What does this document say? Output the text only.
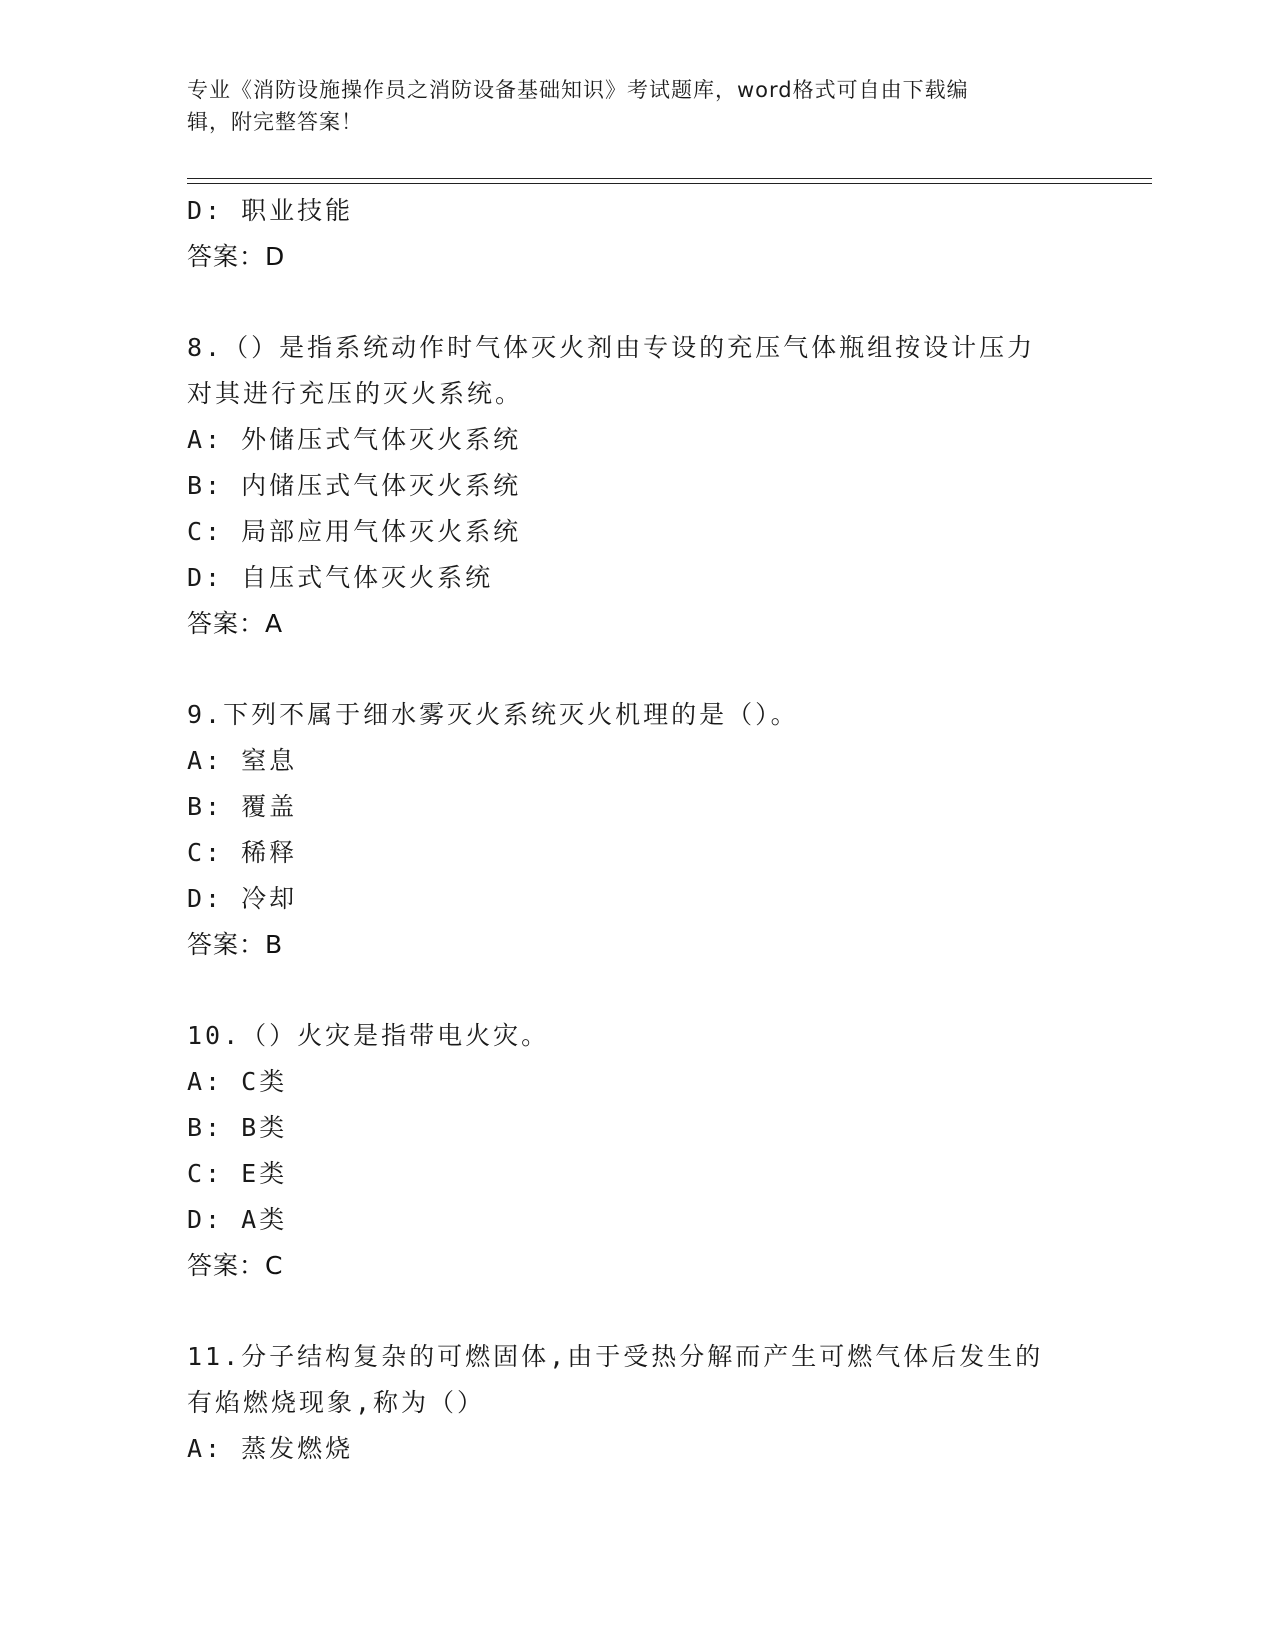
专业《消防设施操作员之消防设备基础知识》考试题库，word格式可自由下载编
辑，附完整答案！
D: 职业技能
答案：D
8.（）是指系统动作时气体灭火剂由专设的充压气体瓶组按设计压力
对其进行充压的灭火系统。
A: 外储压式气体灭火系统
B: 内储压式气体灭火系统
C: 局部应用气体灭火系统
D: 自压式气体灭火系统
答案：A
9.下列不属于细水雾灭火系统灭火机理的是（）。
A: 窒息
B: 覆盖
C: 稀释
D: 冷却
答案：B
10.（）火灾是指带电火灾。
A: C类
B: B类
C: E类
D: A类
答案：C
11.分子结构复杂的可燃固体,由于受热分解而产生可燃气体后发生的
有焰燃烧现象,称为（）
A: 蒸发燃烧
